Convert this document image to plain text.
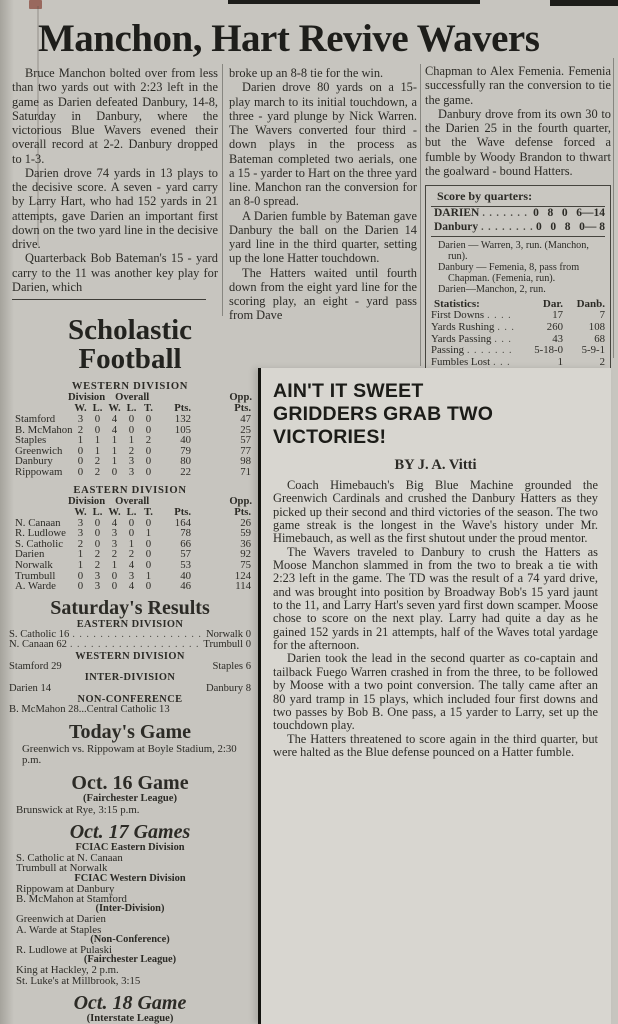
Manchon, Hart Revive Wavers

Bruce Manchon bolted over from less than two yards out with 2:23 left in the game as Darien defeated Danbury, 14-8, Saturday in Danbury, where the victorious Blue Wavers evened their overall record at 2-2. Danbury dropped to 1-3.

Darien drove 74 yards in 13 plays to the decisive score. A seven - yard carry by Larry Hart, who had 152 yards in 21 attempts, gave Darien an important first down on the two yard line in the decisive drive.

Quarterback Bob Bateman's 15 - yard carry to the 11 was another key play for Darien, which

broke up an 8-8 tie for the win.

Darien drove 80 yards on a 15-play march to its initial touchdown, a three - yard plunge by Nick Warren. The Wavers converted four third - down plays in the process as Bateman completed two aerials, one a 15 - yarder to Hart on the three yard line. Manchon ran the conversion for an 8-0 spread.

A Darien fumble by Bateman gave Danbury the ball on the Darien 14 yard line in the third quarter, setting up the lone Hatter touchdown.

The Hatters waited until fourth down from the eight yard line for the scoring play, an eight - yard pass from Dave

Chapman to Alex Femenia. Femenia successfully ran the conversion to tie the game.

Danbury drove from its own 30 to the Darien 25 in the fourth quarter, but the Wave defense forced a fumble by Woody Brandon to thwart the goalward - bound Hatters.

Score by quarters:
DARIEN . . .	0   8   0   6—14
Danbury . . .	0   0   8   0— 8

Darien — Warren, 3, run. (Manchon, run).

Danbury — Femenia, 8, pass from Chapman. (Femenia, run).

Darien—Manchon, 2, run.

Statistics:	Dar.	Danb.
First Downs . . .	17	7
Yards Rushing . . .	260	108
Yards Passing . . .	43	68
Passing . . .	5-18-0	5-9-1
Fumbles Lost . . .	1	2
. . .
Scholastic
Football
WESTERN DIVISION
Division Overall	Opp.
W. L. W. L. T.	Pts.	Pts.
Stamford	3	0	4	0	0	132	47
B. McMahon 2	0	4	0	0	105	25
Staples	1	1	1	1	2	40	57
Greenwich	0	1	1	2	0	79	77
Danbury	0	2	1	3	0	80	98
Rippowam	0	2	0	3	0	22	71
EASTERN DIVISION
Division Overall	Opp.
W. L. W. L. T.	Pts.	Pts.
N. Canaan	3	0	4	0	0	164	26
R. Ludlowe	3	0	3	0	1	78	59
S. Catholic	2	0	3	1	0	66	36
Darien	1	2	2	2	0	57	92
Norwalk	1	2	1	4	0	53	75
Trumbull	0	3	0	3	1	40	124
A. Warde	0	3	0	4	0	46	114
Saturday's Results
EASTERN DIVISION
S. Catholic 16 . . .	Norwalk 0
N. Canaan 62 . . .	Trumbull 0
WESTERN DIVISION
Stamford 29	Staples 6
INTER-DIVISION
Darien 14	Danbury 8
NON-CONFERENCE
B. McMahon 28...Central Catholic 13
Today's Game
Greenwich vs. Rippowam at Boyle Stadium, 2:30 p.m.
Oct. 16 Game
(Fairchester League)
Brunswick at Rye, 3:15 p.m.
Oct. 17 Games
FCIAC Eastern Division
S. Catholic at N. Canaan
Trumbull at Norwalk
FCIAC Western Division
Rippowam at Danbury
B. McMahon at Stamford
(Inter-Division)
Greenwich at Darien
A. Warde at Staples
(Non-Conference)
R. Ludlowe at Pulaski
(Fairchester League)
King at Hackley, 2 p.m.
St. Luke's at Millbrook, 3:15
Oct. 18 Game
(Interstate League)
AIN'T IT SWEET
GRIDDERS GRAB TWO
VICTORIES!
BY J. A. Vitti

Coach Himebauch's Big Blue Machine grounded the Greenwich Cardinals and crushed the Danbury Hatters as they picked up their second and third victories of the season. The two game streak is the longest in the Wave's history under Mr. Himebauch, as well as the first shutout under the proud mentor.

The Wavers traveled to Danbury to crush the Hatters as Moose Manchon slammed in from the two to break a tie with 2:23 left in the game. The TD was the result of a 74 yard drive, and was brought into position by Broadway Bob's 15 yard jaunt to the 11, and Larry Hart's seven yard first down scamper. Moose chose to score on the next play. Larry had quite a day as he gained 152 yards in 21 attempts, half of the Waves total yardage for the afternoon.

Darien took the lead in the second quarter as co-captain and tailback Fuego Warren crashed in from the three, to be followed by Moose with a two point conversion. The tally came after an 80 yard tramp in 15 plays, which included four first downs and two passes by Bob B. One pass, a 15 yarder to Larry, set up the touchdown play.

The Hatters threatened to score again in the third quarter, but were halted as the Blue defense pounced on a Hatter fumble.
